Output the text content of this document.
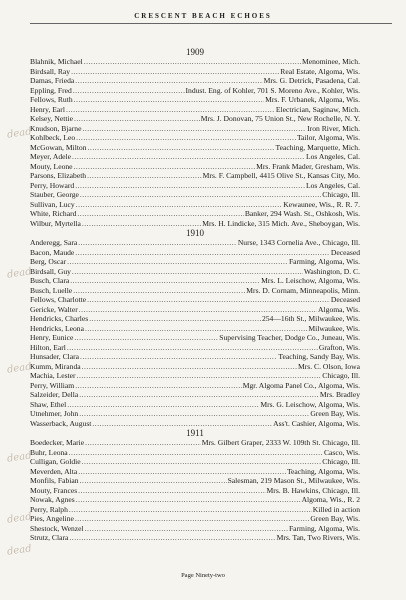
CRESCENT BEACH ECHOES
1909
Blahnik, Michael .....	Menominee, Mich.
Birdsall, Ray .....	Real Estate, Algoma, Wis.
Damas, Frieda .....	Mrs. G. Detrick, Pasadena, Cal.
Eppling, Fred .....	Indust. Eng. of Kohler, 701 S. Moreno Ave., Kohler, Wis.
Fellows, Ruth .....	Mrs. F. Urbanek, Algoma, Wis.
Henry, Earl .....	Electrician, Saginaw, Mich.
Kelsey, Nettie .....	Mrs. J. Donovan, 75 Union St., New Rochelle, N. Y.
Knudson, Bjarne .....	Iron River, Mich.
Kohlbeck, Leo .....	Tailor, Algoma, Wis.
McGowan, Milton .....	Teaching, Marquette, Mich.
Meyer, Adele .....	Los Angeles, Cal.
Mouty, Leone .....	Mrs. Frank Mader, Gresham, Wis.
Parsons, Elizabeth .....	Mrs. F. Campbell, 4415 Olive St., Kansas City, Mo.
Perry, Howard .....	Los Angeles, Cal.
Stauber, George .....	Chicago, Ill.
Sullivan, Lucy .....	Kewaunee, Wis., R. R. 7.
White, Richard .....	Banker, 294 Wash. St., Oshkosh, Wis.
Wilbur, Myrtella .....	Mrs. H. Lindicke, 315 Mich. Ave., Sheboygan, Wis.
1910
Anderegg, Sara .....	Nurse, 1343 Cornelia Ave., Chicago, Ill.
Bacon, Maude .....	Deceased
Berg, Oscar .....	Farming, Algoma, Wis.
Birdsall, Guy .....	Washington, D. C.
Busch, Clara .....	Mrs. L. Leischow, Algoma, Wis.
Busch, Luelle .....	Mrs. D. Cornam, Minneapolis, Minn.
Fellows, Charlotte .....	Deceased
Gericke, Walter .....	Algoma, Wis.
Hendricks, Charles .....	254—16th St., Milwaukee, Wis.
Hendricks, Leona .....	Milwaukee, Wis.
Henry, Eunice .....	Supervising Teacher, Dodge Co., Juneau, Wis.
Hilton, Earl .....	Grafton, Wis.
Hunsader, Clara .....	Teaching, Sandy Bay, Wis.
Kumm, Miranda .....	Mrs. C. Olson, Iowa
Machia, Lester .....	Chicago, Ill.
Perry, William .....	Mgr. Algoma Panel Co., Algoma, Wis.
Salzeider, Della .....	Mrs. Bradley
Shaw, Ethel .....	Mrs. G. Leischow, Algoma, Wis.
Utnehmer, John .....	Green Bay, Wis.
Wasserback, August .....	Ass't. Cashier, Algoma, Wis.
1911
Boedecker, Marie .....	Mrs. Gilbert Graper, 2333 W. 109th St. Chicago, Ill.
Buhr, Leona .....	Casco, Wis.
Culligan, Goldie .....	Chicago, Ill.
Meverden, Alta .....	Teaching, Algoma, Wis.
Monfils, Fabian .....	Salesman, 219 Mason St., Milwaukee, Wis.
Mouty, Frances .....	Mrs. B. Hawkins, Chicago, Ill.
Nowak, Agnes .....	Algoma, Wis., R. 2
Perry, Ralph .....	Killed in action
Pies, Angeline .....	Green Bay, Wis.
Shestock, Wenzel .....	Farming, Algoma, Wis.
Strutz, Clara .....	Mrs. Tan, Two Rivers, Wis.
dead
dead
dead
dead
dead
dead
Page Ninety-two
